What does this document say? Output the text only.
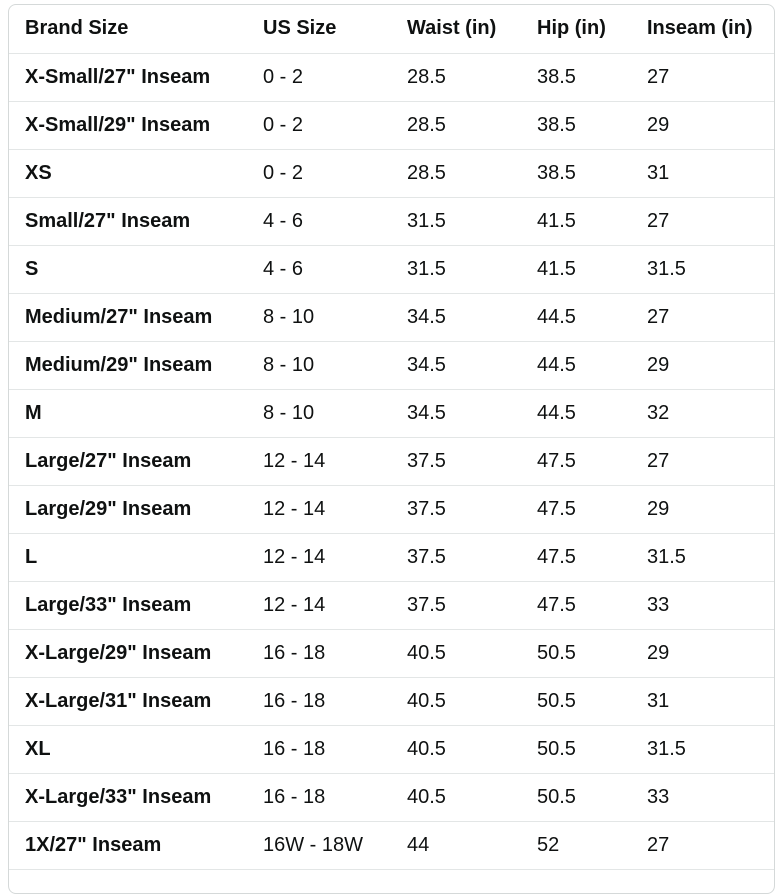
Brand Size	US Size	Waist (in)	Hip (in)	Inseam (in)
X-Small/27" Inseam	0 - 2	28.5	38.5	27
X-Small/29" Inseam	0 - 2	28.5	38.5	29
XS	0 - 2	28.5	38.5	31
Small/27" Inseam	4 - 6	31.5	41.5	27
S	4 - 6	31.5	41.5	31.5
Medium/27" Inseam	8 - 10	34.5	44.5	27
Medium/29" Inseam	8 - 10	34.5	44.5	29
M	8 - 10	34.5	44.5	32
Large/27" Inseam	12 - 14	37.5	47.5	27
Large/29" Inseam	12 - 14	37.5	47.5	29
L	12 - 14	37.5	47.5	31.5
Large/33" Inseam	12 - 14	37.5	47.5	33
X-Large/29" Inseam	16 - 18	40.5	50.5	29
X-Large/31" Inseam	16 - 18	40.5	50.5	31
XL	16 - 18	40.5	50.5	31.5
X-Large/33" Inseam	16 - 18	40.5	50.5	33
1X/27" Inseam	16W - 18W	44	52	27
